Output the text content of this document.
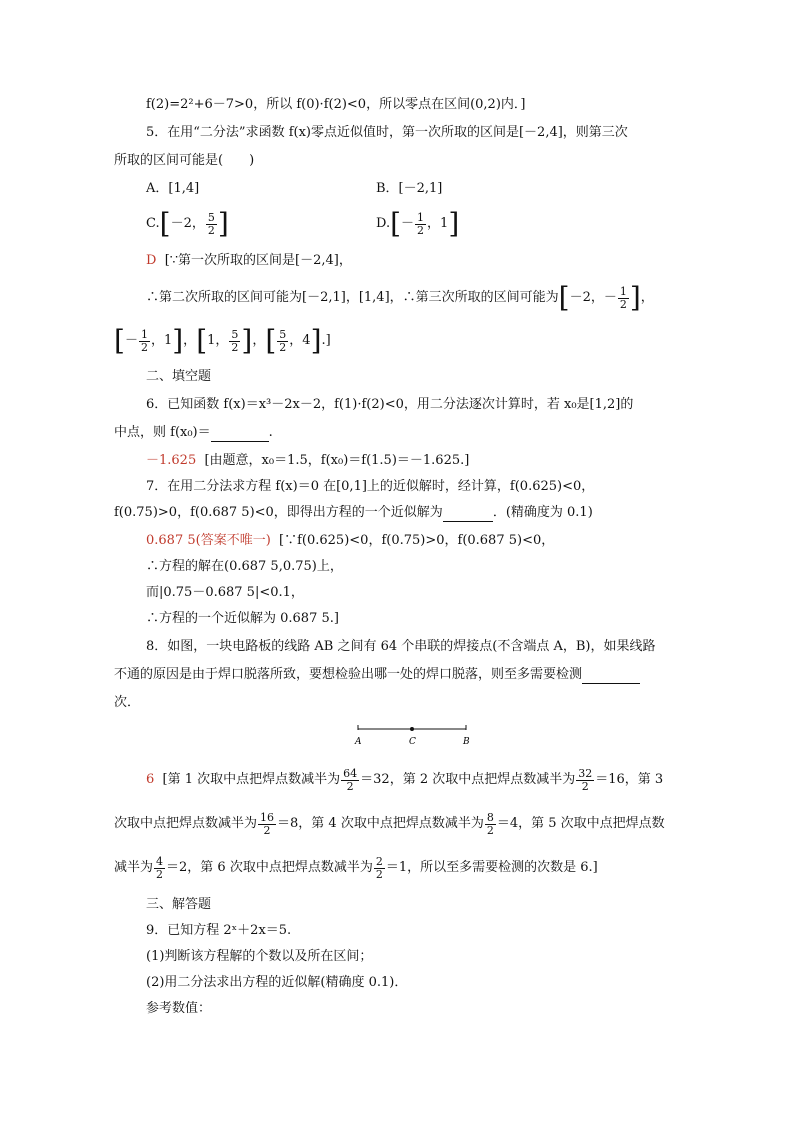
f(2)=2²+6－7>0，所以 f(0)·f(2)<0，所以零点在区间(0,2)内．]
5．在用“二分法”求函数 f(x)零点近似值时，第一次所取的区间是[－2,4]，则第三次
所取的区间可能是(　　)
A．[1,4]	B．[－2,1]
C. [ －2， $\frac{5}{2}$ ]	D. [ － $\frac{1}{2}$ ，1 ]
D [∵第一次所取的区间是[－2,4]，
∴第二次所取的区间可能为[－2,1]，[1,4]，∴第三次所取的区间可能为 [ －2，－ $\frac{1}{2}$ ] ，
[ － $\frac{1}{2}$ ，1 ] ， [ 1， $\frac{5}{2}$ ] ， [ $\frac{5}{2}$ ，4 ] .]
二、填空题
6．已知函数 f(x)＝x³－2x－2，f(1)·f(2)<0，用二分法逐次计算时，若 x₀是[1,2]的
中点，则 f(x₀)＝	.
－1.625 [由题意，x₀＝1.5，f(x₀)＝f(1.5)＝－1.625.]
7．在用二分法求方程 f(x)＝0 在[0,1]上的近似解时，经计算，f(0.625)<0，
f(0.75)>0，f(0.687 5)<0，即得出方程的一个近似解为	．(精确度为 0.1)
0.687 5(答案不唯一) [∵f(0.625)<0，f(0.75)>0，f(0.687 5)<0，
∴方程的解在(0.687 5,0.75)上，
而|0.75－0.687 5|<0.1，
∴方程的一个近似解为 0.687 5.]
8．如图，一块电路板的线路 AB 之间有 64 个串联的焊接点(不含端点 A，B)，如果线路
不通的原因是由于焊口脱落所致，要想检验出哪一处的焊口脱落，则至多需要检测
次．
A	C	B
6
[第 1 次取中点把焊点数减半为 $\frac{64}{2} =32$，第 2 次取中点把焊点数减半为 $\frac{32}{2} =16$，第 3
次取中点把焊点数减半为 $\frac{16}{2} =8$，第 4 次取中点把焊点数减半为 $\frac{8}{2} =4$，第 5 次取中点把焊点数
减半为 $\frac{4}{2} =2$，第 6 次取中点把焊点数减半为 $\frac{2}{2} =1$，所以至多需要检测的次数是 6.]
三、解答题
9．已知方程 2ˣ＋2x＝5.
(1)判断该方程解的个数以及所在区间；
(2)用二分法求出方程的近似解(精确度 0.1)．
参考数值：
